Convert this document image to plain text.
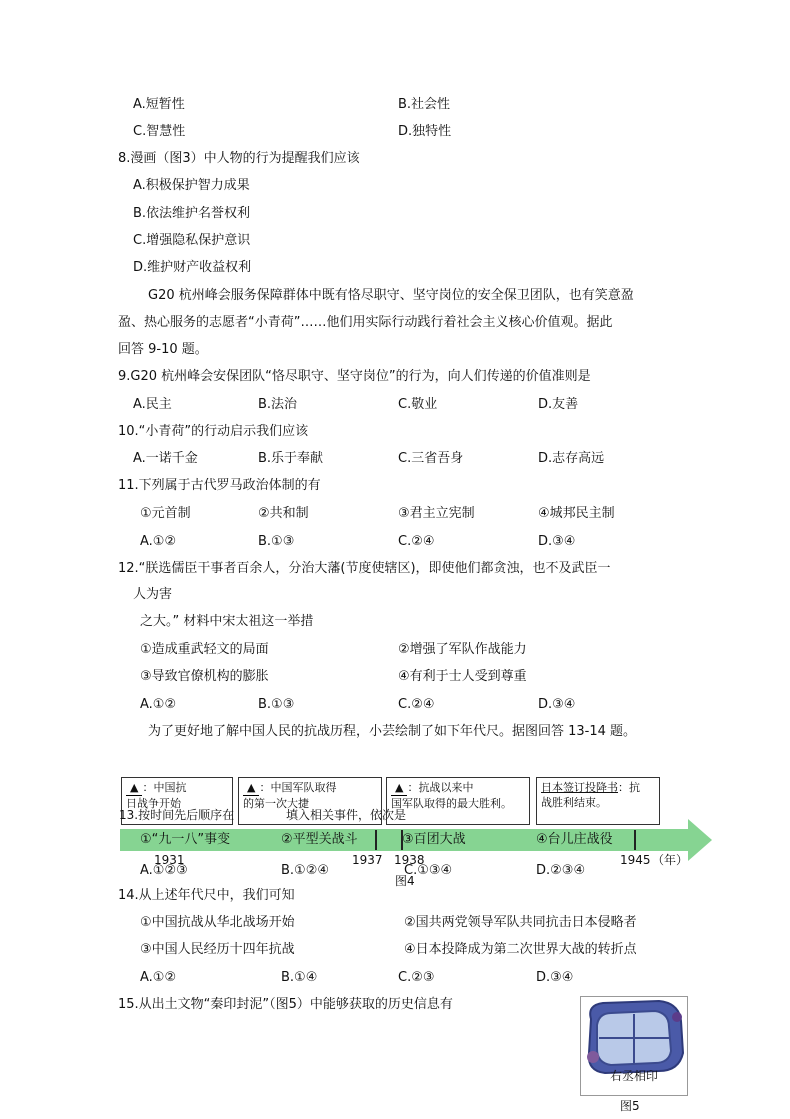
A.短暂性	B.社会性
C.智慧性	D.独特性
8.漫画（图3）中人物的行为提醒我们应该
A.积极保护智力成果
B.依法维护名誉权利
C.增强隐私保护意识
D.维护财产收益权利
G20 杭州峰会服务保障群体中既有恪尽职守、坚守岗位的安全保卫团队，也有笑意盈
盈、热心服务的志愿者“小青荷”……他们用实际行动践行着社会主义核心价值观。据此
回答 9-10 题。
9.G20 杭州峰会安保团队“恪尽职守、坚守岗位”的行为，向人们传递的价值准则是
A.民主	B.法治	C.敬业	D.友善
10.“小青荷”的行动启示我们应该
A.一诺千金	B.乐于奉献	C.三省吾身	D.志存高远
11.下列属于古代罗马政治体制的有
①元首制	②共和制	③君主立宪制	④城邦民主制
A.①②	B.①③	C.②④	D.③④
12.“朕选儒臣干事者百余人，分治大藩(节度使辖区)，即使他们都贪浊，也不及武臣一
人为害
之大。” 材料中宋太祖这一举措
①造成重武轻文的局面	②增强了军队作战能力
③导致官僚机构的膨胀	④有利于士人受到尊重
A.①②	B.①③	C.②④	D.③④
为了更好地了解中国人民的抗战历程，小芸绘制了如下年代尺。据图回答 13-14 题。
▲ ：中国抗
日战争开始
▲ ：中国军队取得
的第一次大捷
▲ ：抗战以来中
国军队取得的最大胜利。
日本签订投降书：抗
战胜利结束。
13.按时间先后顺序在	填入相关事件，依次是
①“九一八”事变	②平型关战斗	③百团大战	④台儿庄战役
1931	1937 1938	1945 （年）
A.①②③	B.①②④
图4
C.①③④	D.②③④
14.从上述年代尺中，我们可知
①中国抗战从华北战场开始	②国共两党领导军队共同抗击日本侵略者
③中国人民经历十四年抗战	④日本投降成为第二次世界大战的转折点
A.①②	B.①④	C.②③	D.③④
15.从出土文物“秦印封泥”（图5）中能够获取的历史信息有
右丞相印
图5
